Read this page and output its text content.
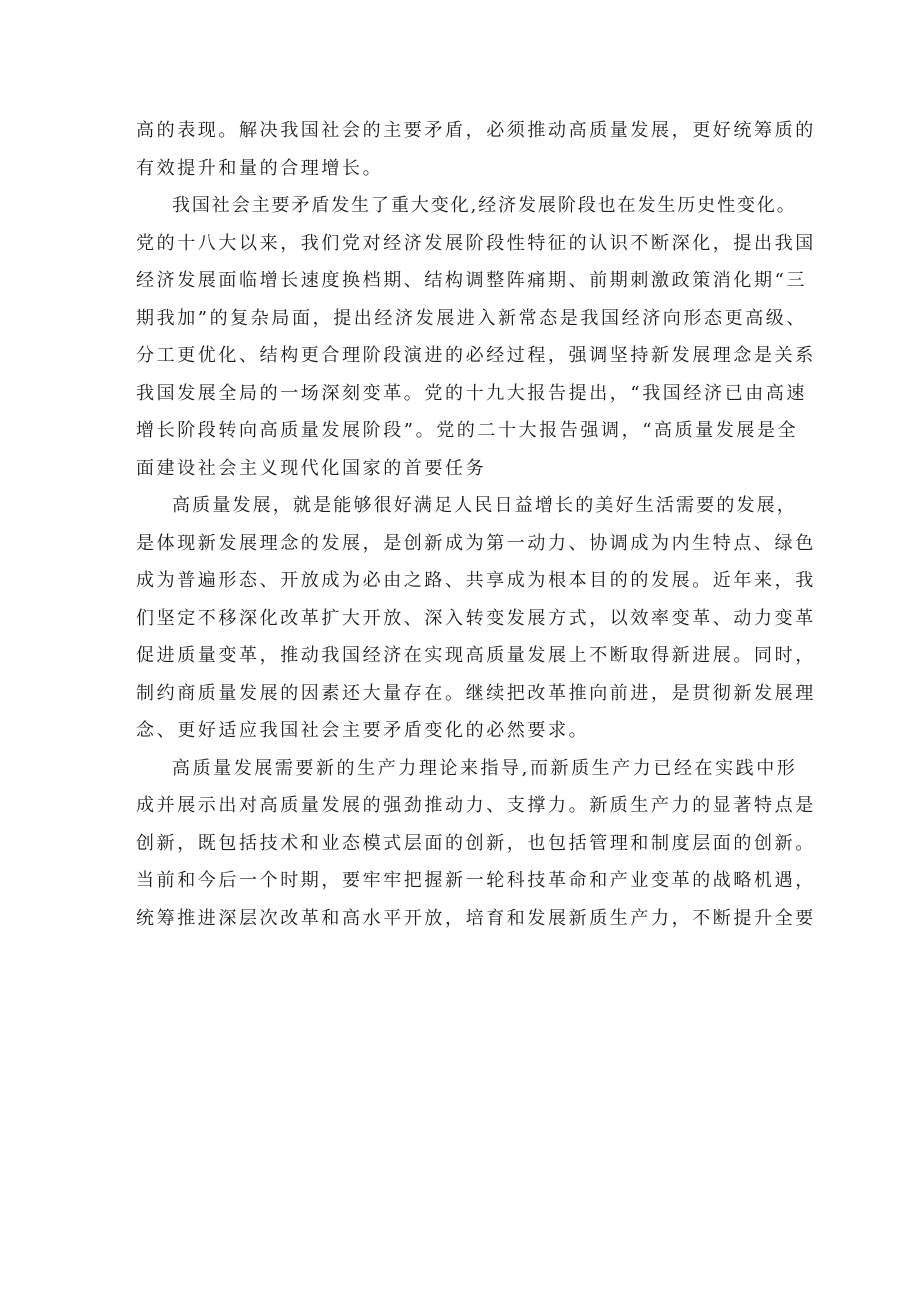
高的表现。解决我国社会的主要矛盾，必须推动高质量发展，更好统筹质的
有效提升和量的合理增长。
我国社会主要矛盾发生了重大变化,经济发展阶段也在发生历史性变化。
党的十八大以来，我们党对经济发展阶段性特征的认识不断深化，提出我国
经济发展面临增长速度换档期、结构调整阵痛期、前期刺激政策消化期“三
期我加”的复杂局面，提出经济发展进入新常态是我国经济向形态更高级、
分工更优化、结构更合理阶段演进的必经过程，强调坚持新发展理念是关系
我国发展全局的一场深刻变革。党的十九大报告提出，“我国经济已由高速
增长阶段转向高质量发展阶段”。党的二十大报告强调，“高质量发展是全
面建设社会主义现代化国家的首要任务
高质量发展，就是能够很好满足人民日益增长的美好生活需要的发展，
是体现新发展理念的发展，是创新成为第一动力、协调成为内生特点、绿色
成为普遍形态、开放成为必由之路、共享成为根本目的的发展。近年来，我
们坚定不移深化改革扩大开放、深入转变发展方式，以效率变革、动力变革
促进质量变革，推动我国经济在实现高质量发展上不断取得新进展。同时，
制约商质量发展的因素还大量存在。继续把改革推向前进，是贯彻新发展理
念、更好适应我国社会主要矛盾变化的必然要求。
高质量发展需要新的生产力理论来指导,而新质生产力已经在实践中形
成并展示出对高质量发展的强劲推动力、支撑力。新质生产力的显著特点是
创新，既包括技术和业态模式层面的创新，也包括管理和制度层面的创新。
当前和今后一个时期，要牢牢把握新一轮科技革命和产业变革的战略机遇，
统筹推进深层次改革和高水平开放，培育和发展新质生产力，不断提升全要
